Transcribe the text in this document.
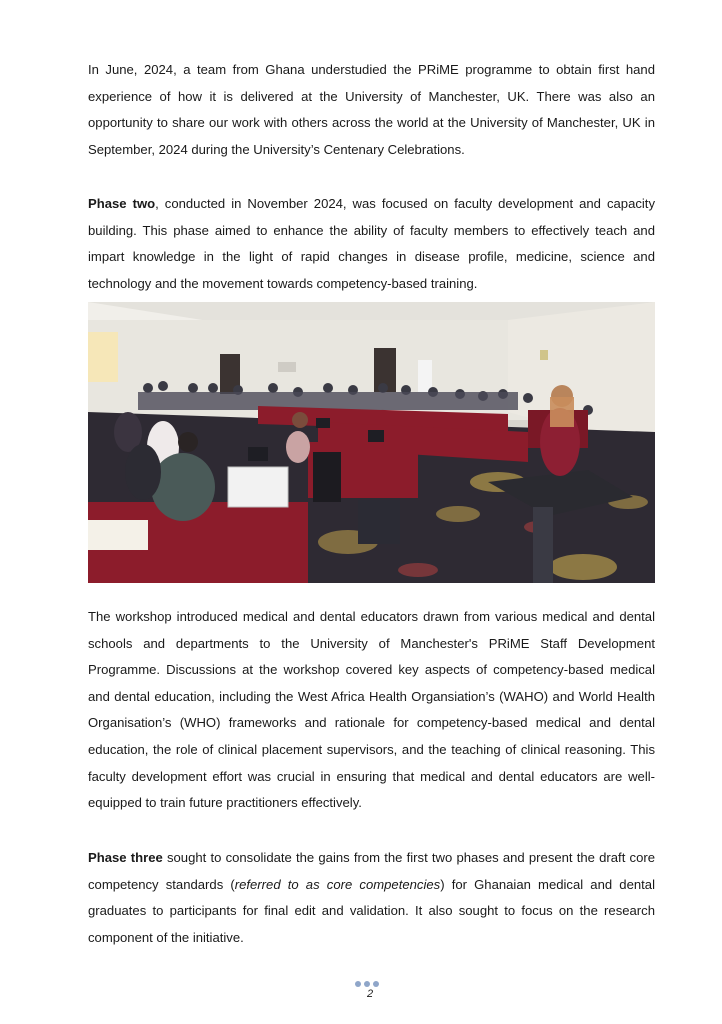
In June, 2024, a team from Ghana understudied the PRiME programme to obtain first hand experience of how it is delivered at the University of Manchester, UK. There was also an opportunity to share our work with others across the world at the University of Manchester, UK in September, 2024 during the University’s Centenary Celebrations.

Phase two, conducted in November 2024, was focused on faculty development and capacity building. This phase aimed to enhance the ability of faculty members to effectively teach and impart knowledge in the light of rapid changes in disease profile, medicine, science and technology and the movement towards competency-based training.

The workshop introduced medical and dental educators drawn from various medical and dental schools and departments to the University of Manchester's PRiME Staff Development Programme. Discussions at the workshop covered key aspects of competency-based medical and dental education, including the West Africa Health Organsiation’s (WAHO) and World Health Organisation’s (WHO) frameworks and rationale for competency-based medical and dental education, the role of clinical placement supervisors, and the teaching of clinical reasoning. This faculty development effort was crucial in ensuring that medical and dental educators are well-equipped to train future practitioners effectively.

Phase three sought to consolidate the gains from the first two phases and present the draft core competency standards (referred to as core competencies) for Ghanaian medical and dental graduates to participants for final edit and validation. It also sought to focus on the research component of the initiative.

2
